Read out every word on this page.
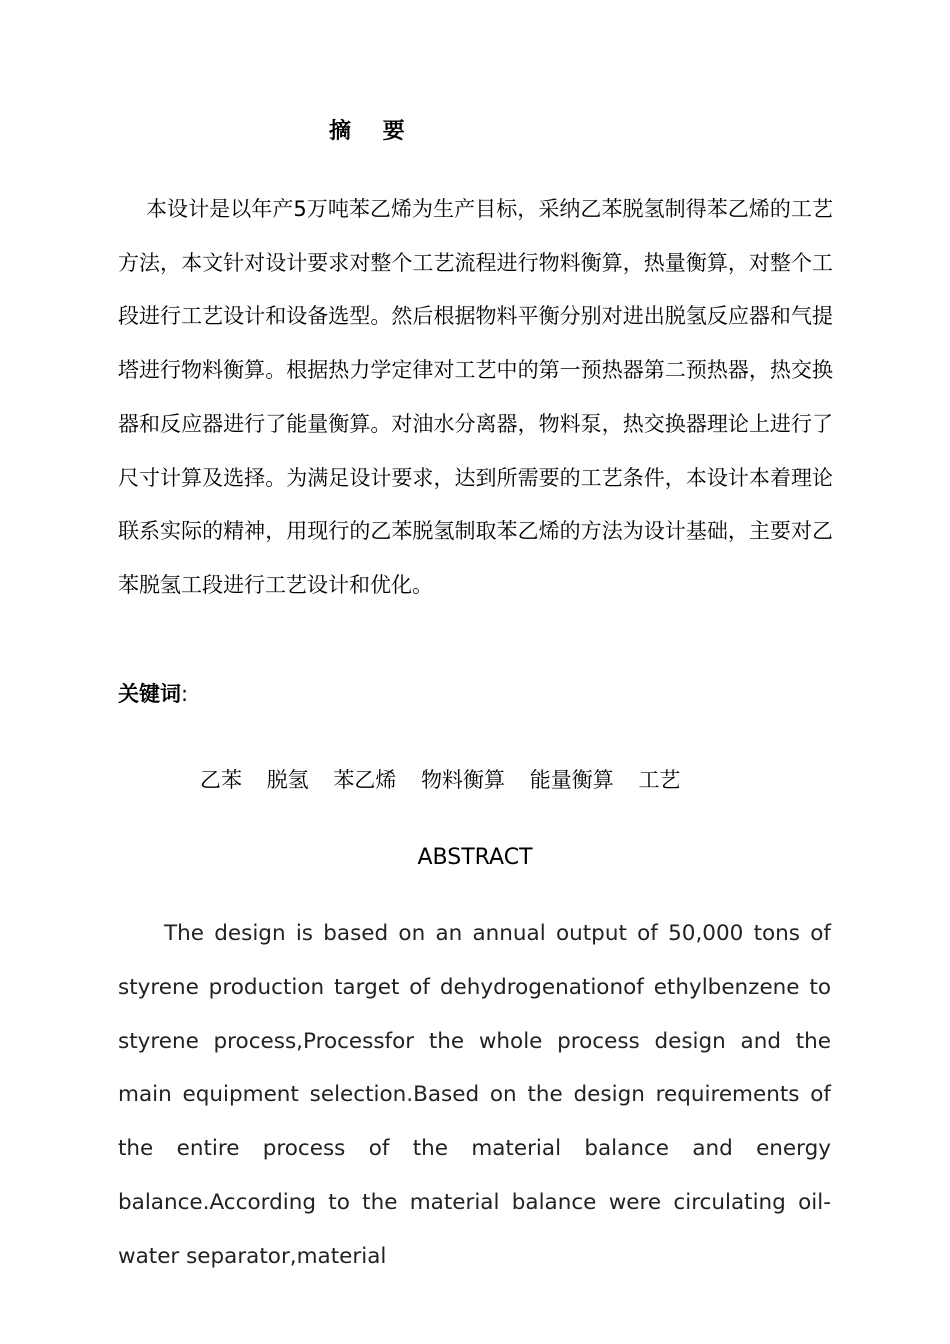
摘 要

本设计是以年产5万吨苯乙烯为生产目标，采纳乙苯脱氢制得苯乙烯的工艺方法，本文针对设计要求对整个工艺流程进行物料衡算，热量衡算，对整个工段进行工艺设计和设备选型。然后根据物料平衡分别对进出脱氢反应器和气提塔进行物料衡算。根据热力学定律对工艺中的第一预热器第二预热器，热交换器和反应器进行了能量衡算。对油水分离器，物料泵，热交换器理论上进行了尺寸计算及选择。为满足设计要求，达到所需要的工艺条件，本设计本着理论联系实际的精神，用现行的乙苯脱氢制取苯乙烯的方法为设计基础，主要对乙苯脱氢工段进行工艺设计和优化。

关键词:
乙苯 脱氢 苯乙烯 物料衡算 能量衡算 工艺
ABSTRACT

The design is based on an annual output of 50,000 tons of styrene production target of dehydrogenationof ethylbenzene to styrene process,Processfor the whole process design and the main equipment selection.Based on the design requirements of the entire process of the material balance and energy balance.According to the material balance were circulating oil-water separator,material
